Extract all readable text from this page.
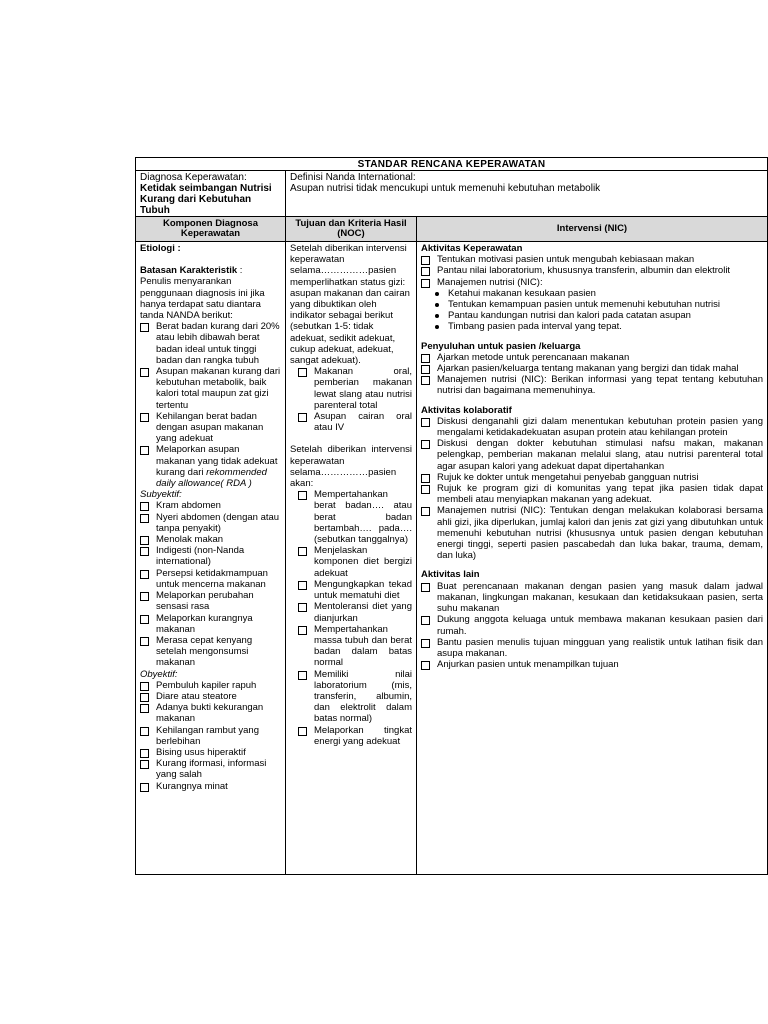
STANDAR RENCANA KEPERAWATAN
Diagnosa Keperawatan:
Ketidak seimbangan Nutrisi Kurang dari Kebutuhan Tubuh
Definisi Nanda International:
Asupan nutrisi tidak mencukupi untuk memenuhi kebutuhan metabolik
Komponen Diagnosa Keperawatan
Tujuan dan Kriteria Hasil (NOC)	Intervensi (NIC)
Etiologi :
Batasan Karakteristik :
Penulis menyarankan penggunaan diagnosis ini jika hanya terdapat satu diantara tanda NANDA berikut:
Berat badan kurang dari 20% atau lebih dibawah berat badan ideal untuk tinggi badan dan rangka tubuh
Asupan makanan kurang dari kebutuhan metabolik, baik kalori total maupun zat gizi tertentu
Kehilangan berat badan dengan asupan makanan yang adekuat
Melaporkan asupan makanan yang tidak adekuat kurang dari rekommended daily allowance( RDA )
Subyektif:
Kram abdomen
Nyeri abdomen (dengan atau tanpa penyakit)
Menolak makan
Indigesti (non-Nanda international)
Persepsi ketidakmampuan untuk mencerna makanan
Melaporkan perubahan sensasi rasa
Melaporkan kurangnya makanan
Merasa cepat kenyang setelah mengonsumsi makanan
Obyektif:
Pembuluh kapiler rapuh
Diare atau steatore
Adanya bukti kekurangan makanan
Kehilangan rambut yang berlebihan
Bising usus hiperaktif
Kurang iformasi, informasi yang salah
Kurangnya minat
Setelah diberikan intervensi keperawatan selama……………pasien memperlihatkan status gizi: asupan makanan dan cairan yang dibuktikan oleh indikator sebagai berikut
(sebutkan 1-5: tidak adekuat, sedikit adekuat, cukup adekuat, adekuat, sangat adekuat).
Makanan oral, pemberian makanan lewat slang atau nutrisi parenteral total
Asupan cairan oral atau IV
Setelah diberikan intervensi keperawatan selama……………pasien akan:
Mempertahankan berat badan…. atau berat badan bertambah…. pada…. (sebutkan tanggalnya)
Menjelaskan komponen diet bergizi adekuat
Mengungkapkan tekad untuk mematuhi diet
Mentoleransi diet yang dianjurkan
Mempertahankan massa tubuh dan berat badan dalam batas normal
Memiliki nilai laboratorium (mis, transferin, albumin, dan elektrolit dalam batas normal)
Melaporkan tingkat energi yang adekuat
Aktivitas Keperawatan
Tentukan motivasi pasien untuk mengubah kebiasaan makan
Pantau nilai laboratorium, khususnya transferin, albumin dan elektrolit
Manajemen nutrisi (NIC):
Ketahui makanan kesukaan pasien
Tentukan kemampuan pasien untuk memenuhi kebutuhan nutrisi
Pantau kandungan nutrisi dan kalori pada catatan asupan
Timbang pasien pada interval yang tepat.
Penyuluhan untuk pasien /keluarga
Ajarkan metode untuk perencanaan makanan
Ajarkan pasien/keluarga tentang makanan yang bergizi dan tidak mahal
Manajemen nutrisi (NIC): Berikan informasi yang tepat tentang kebutuhan nutrisi dan bagaimana memenuhinya.
Aktivitas kolaboratif
Diskusi denganahli gizi dalam menentukan kebutuhan protein pasien yang mengalami ketidakadekuatan asupan protein atau kehilangan protein
Diskusi dengan dokter kebutuhan stimulasi nafsu makan, makanan pelengkap, pemberian makanan melalui slang, atau nutrisi parenteral total agar asupan kalori yang adekuat dapat dipertahankan
Rujuk ke dokter untuk mengetahui penyebab gangguan nutrisi
Rujuk ke program gizi di komunitas yang tepat jika pasien tidak dapat membeli atau menyiapkan makanan yang adekuat.
Manajemen nutrisi (NIC): Tentukan dengan melakukan kolaborasi bersama ahli gizi, jika diperlukan, jumlaj kalori dan jenis zat gizi yang dibutuhkan untuk memenuhi kebutuhan nutrisi (khususnya untuk pasien dengan kebutuhan energi tinggi, seperti pasien pascabedah dan luka bakar, trauma, demam, dan luka)
Aktivitas lain
Buat perencanaan makanan dengan pasien yang masuk dalam jadwal makanan, lingkungan makanan, kesukaan dan ketidaksukaan pasien, serta suhu makanan
Dukung anggota keluaga untuk membawa makanan kesukaan pasien dari rumah.
Bantu pasien menulis tujuan mingguan yang realistik untuk latihan fisik dan asupa makanan.
Anjurkan pasien untuk menampilkan tujuan
